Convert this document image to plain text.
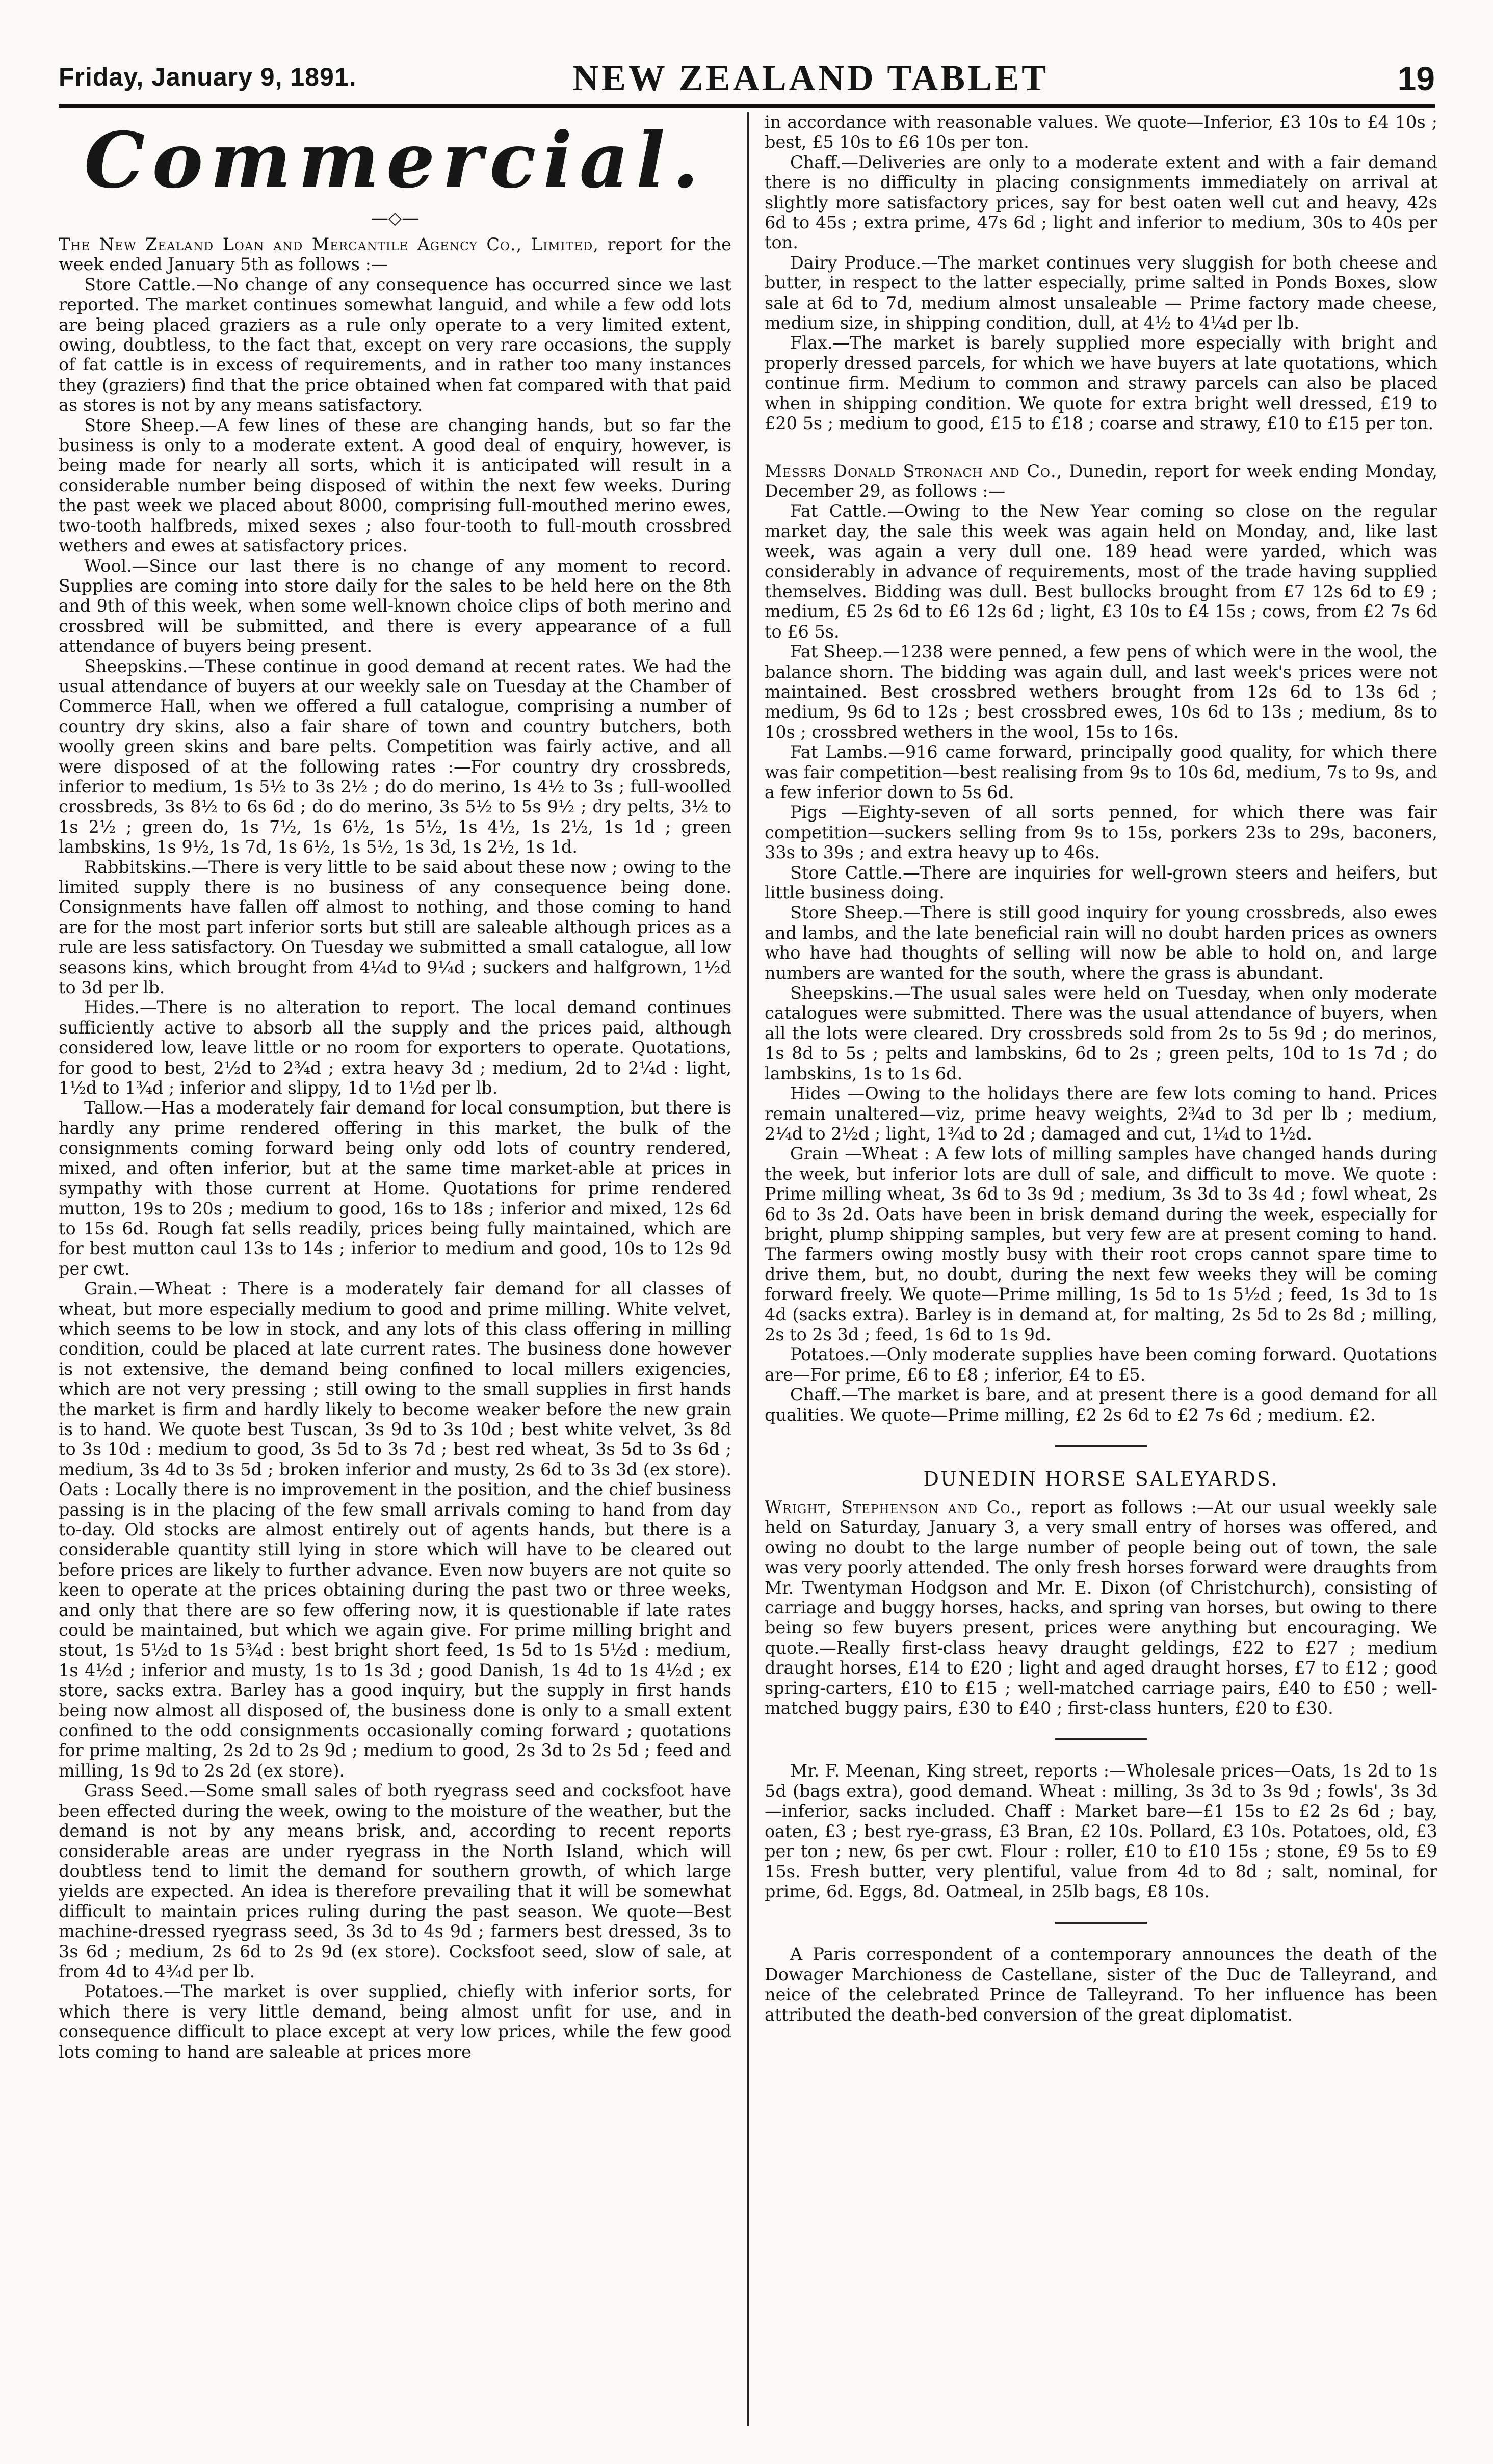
Friday, January 9, 1891.	NEW ZEALAND TABLET	19
Commercial.
—◇—

The New Zealand Loan and Mercantile Agency Co., Limited, report for the week ended January 5th as follows :—

Store Cattle.—No change of any consequence has occurred since we last reported. The market continues somewhat languid, and while a few odd lots are being placed graziers as a rule only operate to a very limited extent, owing, doubtless, to the fact that, except on very rare occasions, the supply of fat cattle is in excess of requirements, and in rather too many instances they (graziers) find that the price obtained when fat compared with that paid as stores is not by any means satisfactory.

Store Sheep.—A few lines of these are changing hands, but so far the business is only to a moderate extent. A good deal of enquiry, however, is being made for nearly all sorts, which it is anticipated will result in a considerable number being disposed of within the next few weeks. During the past week we placed about 8000, comprising full-mouthed merino ewes, two-tooth halfbreds, mixed sexes ; also four-tooth to full-mouth crossbred wethers and ewes at satisfactory prices.

Wool.—Since our last there is no change of any moment to record. Supplies are coming into store daily for the sales to be held here on the 8th and 9th of this week, when some well-known choice clips of both merino and crossbred will be submitted, and there is every appearance of a full attendance of buyers being present.

Sheepskins.—These continue in good demand at recent rates. We had the usual attendance of buyers at our weekly sale on Tuesday at the Chamber of Commerce Hall, when we offered a full catalogue, comprising a number of country dry skins, also a fair share of town and country butchers, both woolly green skins and bare pelts. Competition was fairly active, and all were disposed of at the following rates :—For country dry crossbreds, inferior to medium, 1s 5½ to 3s 2½ ; do do merino, 1s 4½ to 3s ; full-woolled crossbreds, 3s 8½ to 6s 6d ; do do merino, 3s 5½ to 5s 9½ ; dry pelts, 3½ to 1s 2½ ; green do, 1s 7½, 1s 6½, 1s 5½, 1s 4½, 1s 2½, 1s 1d ; green lambskins, 1s 9½, 1s 7d, 1s 6½, 1s 5½, 1s 3d, 1s 2½, 1s 1d.

Rabbitskins.—There is very little to be said about these now ; owing to the limited supply there is no business of any consequence being done. Consignments have fallen off almost to nothing, and those coming to hand are for the most part inferior sorts but still are saleable although prices as a rule are less satisfactory. On Tuesday we submitted a small catalogue, all low seasons kins, which brought from 4¼d to 9¼d ; suckers and halfgrown, 1½d to 3d per lb.

Hides.—There is no alteration to report. The local demand continues sufficiently active to absorb all the supply and the prices paid, although considered low, leave little or no room for exporters to operate. Quotations, for good to best, 2½d to 2¾d ; extra heavy 3d ; medium, 2d to 2¼d : light, 1½d to 1¾d ; inferior and slippy, 1d to 1½d per lb.

Tallow.—Has a moderately fair demand for local consumption, but there is hardly any prime rendered offering in this market, the bulk of the consignments coming forward being only odd lots of country rendered, mixed, and often inferior, but at the same time market-able at prices in sympathy with those current at Home. Quotations for prime rendered mutton, 19s to 20s ; medium to good, 16s to 18s ; inferior and mixed, 12s 6d to 15s 6d. Rough fat sells readily, prices being fully maintained, which are for best mutton caul 13s to 14s ; inferior to medium and good, 10s to 12s 9d per cwt.

Grain.—Wheat : There is a moderately fair demand for all classes of wheat, but more especially medium to good and prime milling. White velvet, which seems to be low in stock, and any lots of this class offering in milling condition, could be placed at late current rates. The business done however is not extensive, the demand being confined to local millers exigencies, which are not very pressing ; still owing to the small supplies in first hands the market is firm and hardly likely to become weaker before the new grain is to hand. We quote best Tuscan, 3s 9d to 3s 10d ; best white velvet, 3s 8d to 3s 10d : medium to good, 3s 5d to 3s 7d ; best red wheat, 3s 5d to 3s 6d ; medium, 3s 4d to 3s 5d ; broken inferior and musty, 2s 6d to 3s 3d (ex store). Oats : Locally there is no improvement in the position, and the chief business passing is in the placing of the few small arrivals coming to hand from day to-day. Old stocks are almost entirely out of agents hands, but there is a considerable quantity still lying in store which will have to be cleared out before prices are likely to further advance. Even now buyers are not quite so keen to operate at the prices obtaining during the past two or three weeks, and only that there are so few offering now, it is questionable if late rates could be maintained, but which we again give. For prime milling bright and stout, 1s 5½d to 1s 5¾d : best bright short feed, 1s 5d to 1s 5½d : medium, 1s 4½d ; inferior and musty, 1s to 1s 3d ; good Danish, 1s 4d to 1s 4½d ; ex store, sacks extra. Barley has a good inquiry, but the supply in first hands being now almost all disposed of, the business done is only to a small extent confined to the odd consignments occasionally coming forward ; quotations for prime malting, 2s 2d to 2s 9d ; medium to good, 2s 3d to 2s 5d ; feed and milling, 1s 9d to 2s 2d (ex store).

Grass Seed.—Some small sales of both ryegrass seed and cocksfoot have been effected during the week, owing to the moisture of the weather, but the demand is not by any means brisk, and, according to recent reports considerable areas are under ryegrass in the North Island, which will doubtless tend to limit the demand for southern growth, of which large yields are expected. An idea is therefore prevailing that it will be somewhat difficult to maintain prices ruling during the past season. We quote—Best machine-dressed ryegrass seed, 3s 3d to 4s 9d ; farmers best dressed, 3s to 3s 6d ; medium, 2s 6d to 2s 9d (ex store). Cocksfoot seed, slow of sale, at from 4d to 4¾d per lb.

Potatoes.—The market is over supplied, chiefly with inferior sorts, for which there is very little demand, being almost unfit for use, and in consequence difficult to place except at very low prices, while the few good lots coming to hand are saleable at prices more

in accordance with reasonable values. We quote—Inferior, £3 10s to £4 10s ; best, £5 10s to £6 10s per ton.

Chaff.—Deliveries are only to a moderate extent and with a fair demand there is no difficulty in placing consignments immediately on arrival at slightly more satisfactory prices, say for best oaten well cut and heavy, 42s 6d to 45s ; extra prime, 47s 6d ; light and inferior to medium, 30s to 40s per ton.

Dairy Produce.—The market continues very sluggish for both cheese and butter, in respect to the latter especially, prime salted in Ponds Boxes, slow sale at 6d to 7d, medium almost unsaleable — Prime factory made cheese, medium size, in shipping condition, dull, at 4½ to 4¼d per lb.

Flax.—The market is barely supplied more especially with bright and properly dressed parcels, for which we have buyers at late quotations, which continue firm. Medium to common and strawy parcels can also be placed when in shipping condition. We quote for extra bright well dressed, £19 to £20 5s ; medium to good, £15 to £18 ; coarse and strawy, £10 to £15 per ton.

Messrs Donald Stronach and Co., Dunedin, report for week ending Monday, December 29, as follows :—

Fat Cattle.—Owing to the New Year coming so close on the regular market day, the sale this week was again held on Monday, and, like last week, was again a very dull one. 189 head were yarded, which was considerably in advance of requirements, most of the trade having supplied themselves. Bidding was dull. Best bullocks brought from £7 12s 6d to £9 ; medium, £5 2s 6d to £6 12s 6d ; light, £3 10s to £4 15s ; cows, from £2 7s 6d to £6 5s.

Fat Sheep.—1238 were penned, a few pens of which were in the wool, the balance shorn. The bidding was again dull, and last week's prices were not maintained. Best crossbred wethers brought from 12s 6d to 13s 6d ; medium, 9s 6d to 12s ; best crossbred ewes, 10s 6d to 13s ; medium, 8s to 10s ; crossbred wethers in the wool, 15s to 16s.

Fat Lambs.—916 came forward, principally good quality, for which there was fair competition—best realising from 9s to 10s 6d, medium, 7s to 9s, and a few inferior down to 5s 6d.

Pigs —Eighty-seven of all sorts penned, for which there was fair competition—suckers selling from 9s to 15s, porkers 23s to 29s, baconers, 33s to 39s ; and extra heavy up to 46s.

Store Cattle.—There are inquiries for well-grown steers and heifers, but little business doing.

Store Sheep.—There is still good inquiry for young crossbreds, also ewes and lambs, and the late beneficial rain will no doubt harden prices as owners who have had thoughts of selling will now be able to hold on, and large numbers are wanted for the south, where the grass is abundant.

Sheepskins.—The usual sales were held on Tuesday, when only moderate catalogues were submitted. There was the usual attendance of buyers, when all the lots were cleared. Dry crossbreds sold from 2s to 5s 9d ; do merinos, 1s 8d to 5s ; pelts and lambskins, 6d to 2s ; green pelts, 10d to 1s 7d ; do lambskins, 1s to 1s 6d.

Hides —Owing to the holidays there are few lots coming to hand. Prices remain unaltered—viz, prime heavy weights, 2¾d to 3d per lb ; medium, 2¼d to 2½d ; light, 1¾d to 2d ; damaged and cut, 1¼d to 1½d.

Grain —Wheat : A few lots of milling samples have changed hands during the week, but inferior lots are dull of sale, and difficult to move. We quote : Prime milling wheat, 3s 6d to 3s 9d ; medium, 3s 3d to 3s 4d ; fowl wheat, 2s 6d to 3s 2d. Oats have been in brisk demand during the week, especially for bright, plump shipping samples, but very few are at present coming to hand. The farmers owing mostly busy with their root crops cannot spare time to drive them, but, no doubt, during the next few weeks they will be coming forward freely. We quote—Prime milling, 1s 5d to 1s 5½d ; feed, 1s 3d to 1s 4d (sacks extra). Barley is in demand at, for malting, 2s 5d to 2s 8d ; milling, 2s to 2s 3d ; feed, 1s 6d to 1s 9d.

Potatoes.—Only moderate supplies have been coming forward. Quotations are—For prime, £6 to £8 ; inferior, £4 to £5.

Chaff.—The market is bare, and at present there is a good demand for all qualities. We quote—Prime milling, £2 2s 6d to £2 7s 6d ; medium. £2.

DUNEDIN HORSE SALEYARDS.

Wright, Stephenson and Co., report as follows :—At our usual weekly sale held on Saturday, January 3, a very small entry of horses was offered, and owing no doubt to the large number of people being out of town, the sale was very poorly attended. The only fresh horses forward were draughts from Mr. Twentyman Hodgson and Mr. E. Dixon (of Christchurch), consisting of carriage and buggy horses, hacks, and spring van horses, but owing to there being so few buyers present, prices were anything but encouraging. We quote.—Really first-class heavy draught geldings, £22 to £27 ; medium draught horses, £14 to £20 ; light and aged draught horses, £7 to £12 ; good spring-carters, £10 to £15 ; well-matched carriage pairs, £40 to £50 ; well-matched buggy pairs, £30 to £40 ; first-class hunters, £20 to £30.

Mr. F. Meenan, King street, reports :—Wholesale prices—Oats, 1s 2d to 1s 5d (bags extra), good demand. Wheat : milling, 3s 3d to 3s 9d ; fowls', 3s 3d—inferior, sacks included. Chaff : Market bare—£1 15s to £2 2s 6d ; bay, oaten, £3 ; best rye-grass, £3 Bran, £2 10s. Pollard, £3 10s. Potatoes, old, £3 per ton ; new, 6s per cwt. Flour : roller, £10 to £10 15s ; stone, £9 5s to £9 15s. Fresh butter, very plentiful, value from 4d to 8d ; salt, nominal, for prime, 6d. Eggs, 8d. Oatmeal, in 25lb bags, £8 10s.

A Paris correspondent of a contemporary announces the death of the Dowager Marchioness de Castellane, sister of the Duc de Talleyrand, and neice of the celebrated Prince de Talleyrand. To her influence has been attributed the death-bed conversion of the great diplomatist.
